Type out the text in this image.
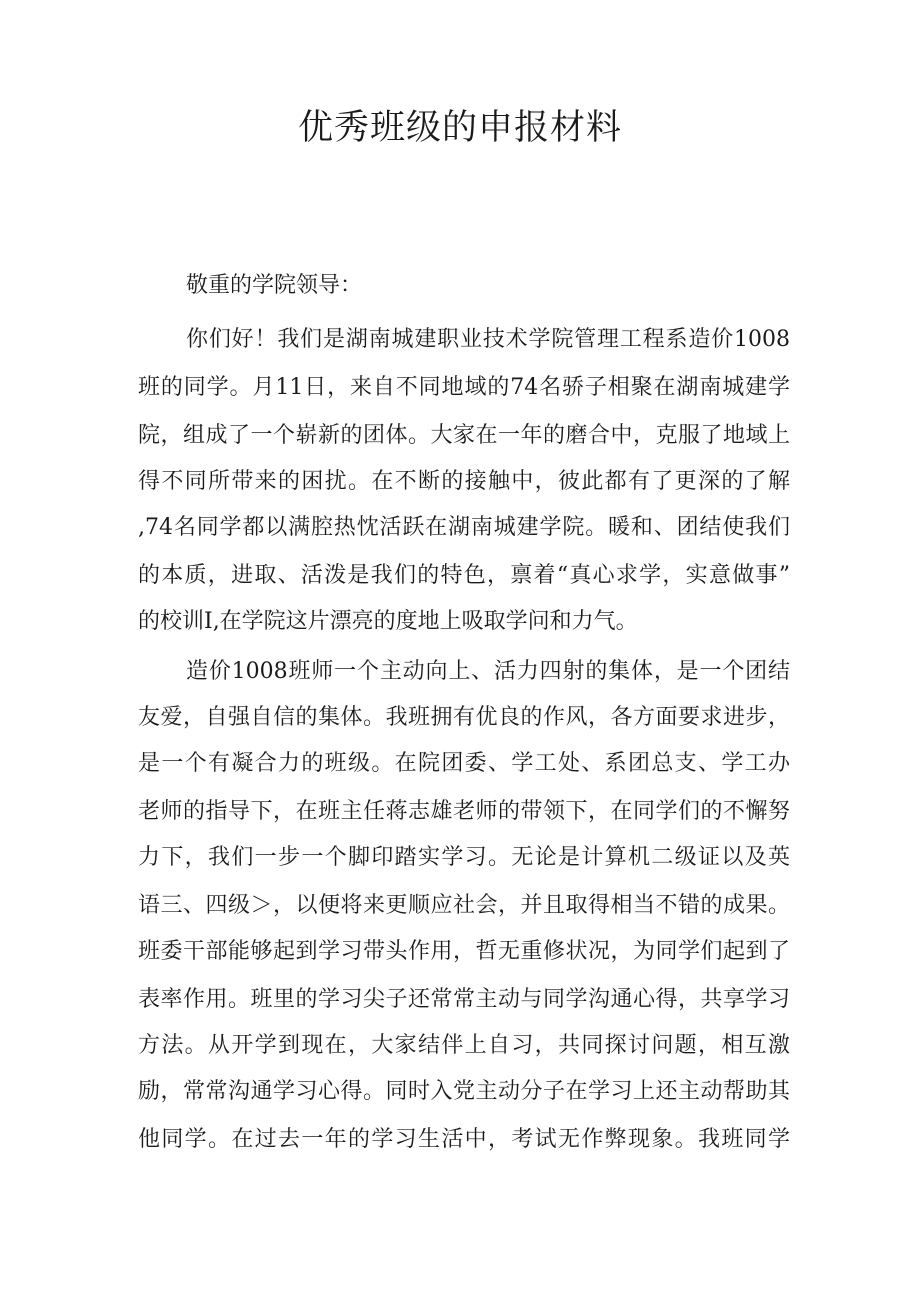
优秀班级的申报材料

敬重的学院领导：

你们好！我们是湖南城建职业技术学院管理工程系造价1008

班的同学。月11日，来自不同地域的74名骄子相聚在湖南城建学

院，组成了一个崭新的团体。大家在一年的磨合中，克服了地域上

得不同所带来的困扰。在不断的接触中，彼此都有了更深的了解

,74名同学都以满腔热忱活跃在湖南城建学院。暖和、团结使我们

的本质，进取、活泼是我们的特色，禀着“真心求学，实意做事”

的校训I,在学院这片漂亮的度地上吸取学问和力气。

造价1008班师一个主动向上、活力四射的集体，是一个团结

友爱，自强自信的集体。我班拥有优良的作风，各方面要求进步，

是一个有凝合力的班级。在院团委、学工处、系团总支、学工办

老师的指导下，在班主任蒋志雄老师的带领下，在同学们的不懈努

力下，我们一步一个脚印踏实学习。无论是计算机二级证以及英

语三、四级＞，以便将来更顺应社会，并且取得相当不错的成果。

班委干部能够起到学习带头作用，哲无重修状况，为同学们起到了

表率作用。班里的学习尖子还常常主动与同学沟通心得，共享学习

方法。从开学到现在，大家结伴上自习，共同探讨问题，相互激

励，常常沟通学习心得。同时入党主动分子在学习上还主动帮助其

他同学。在过去一年的学习生活中，考试无作弊现象。我班同学
